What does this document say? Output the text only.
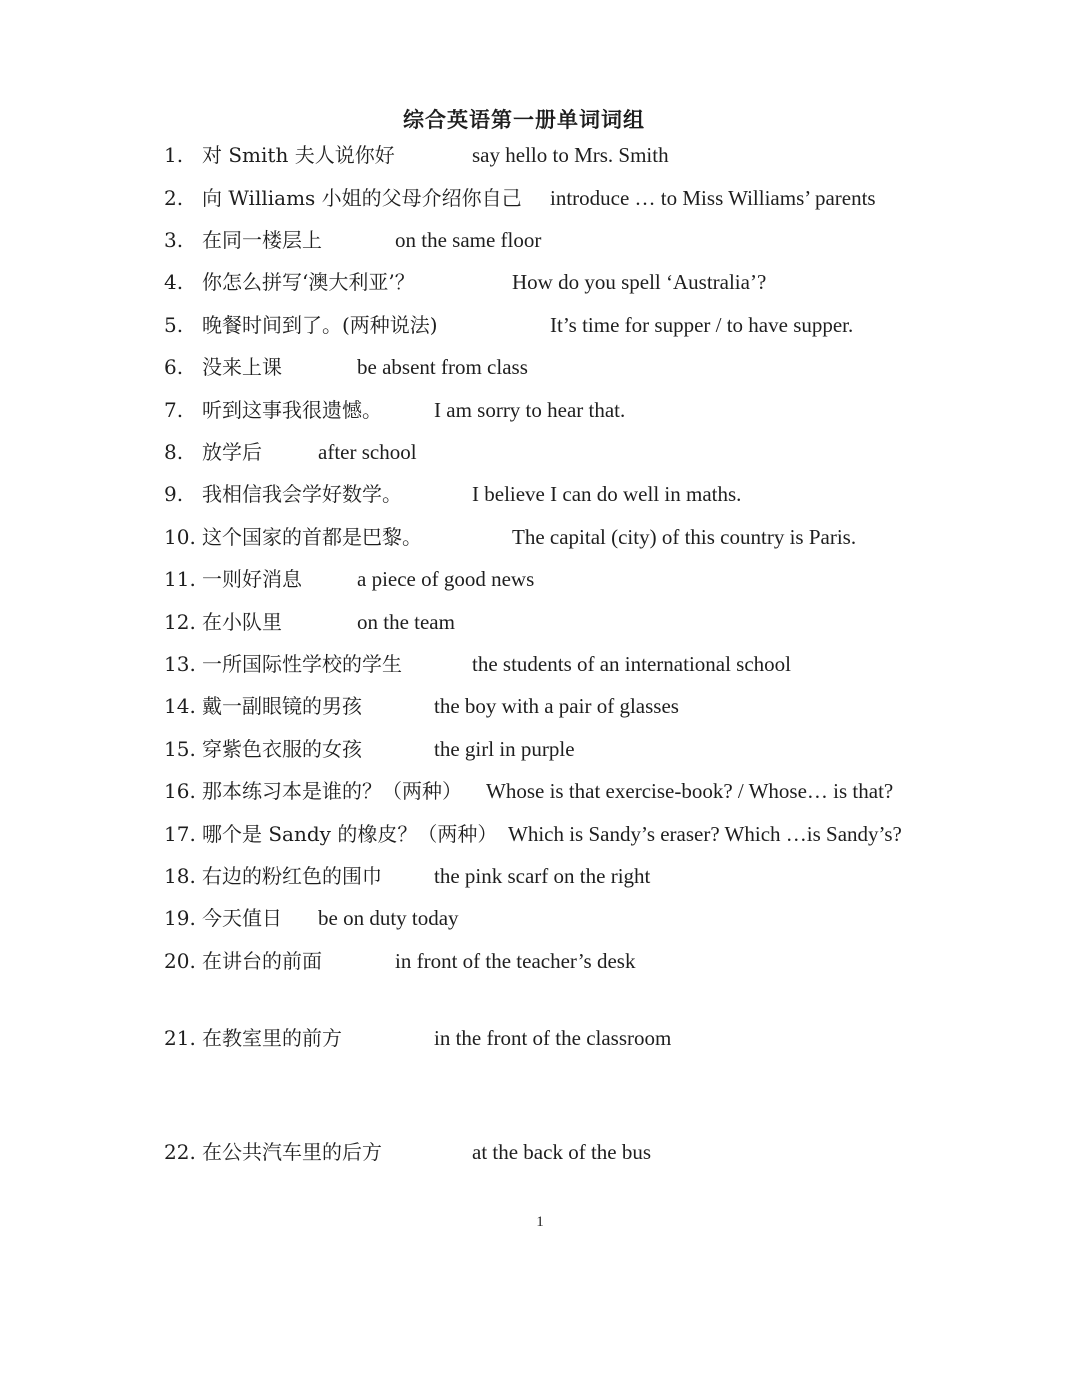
综合英语第一册单词词组
1. 对 Smith 夫人说你好	say hello to Mrs. Smith
2. 向 Williams 小姐的父母介绍你自己 introduce … to Miss Williams’ parents
3. 在同一楼层上	on the same floor
4. 你怎么拼写‘澳大利亚’？	How do you spell ‘Australia’?
5. 晚餐时间到了。(两种说法)	It’s time for supper / to have supper.
6. 没来上课	be absent from class
7. 听到这事我很遗憾。 I am sorry to hear that.
8. 放学后	after school
9. 我相信我会学好数学。	I believe I can do well in maths.
10. 这个国家的首都是巴黎。	The capital (city) of this country is Paris.
11. 一则好消息	a piece of good news
12. 在小队里	on the team
13. 一所国际性学校的学生	the students of an international school
14. 戴一副眼镜的男孩	the boy with a pair of glasses
15. 穿紫色衣服的女孩	the girl in purple
16. 那本练习本是谁的？（两种） Whose is that exercise-book? / Whose… is that?
17. 哪个是 Sandy 的橡皮？（两种） Which is Sandy’s eraser? Which …is Sandy’s?
18. 右边的粉红色的围巾 the pink scarf on the right
19. 今天值日 be on duty today
20. 在讲台的前面	in front of the teacher’s desk
21. 在教室里的前方	in the front of the classroom
22. 在公共汽车里的后方	at the back of the bus
1
